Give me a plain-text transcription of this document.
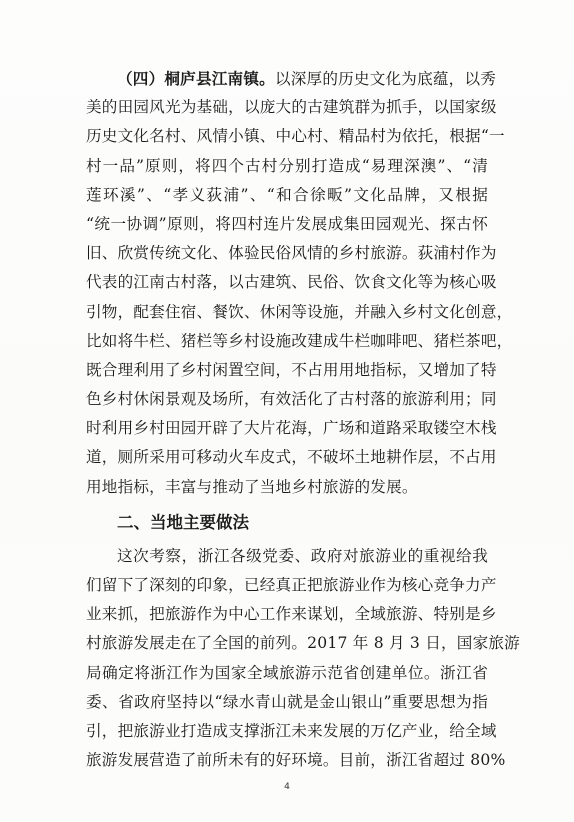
（四）桐庐县江南镇。以深厚的历史文化为底蕴，以秀
美的田园风光为基础，以庞大的古建筑群为抓手，以国家级
历史文化名村、风情小镇、中心村、精品村为依托，根据“一
村一品”原则，将四个古村分别打造成“易理深澳”、“清
莲环溪”、“孝义荻浦”、“和合徐畈”文化品牌，又根据
“统一协调”原则，将四村连片发展成集田园观光、探古怀
旧、欣赏传统文化、体验民俗风情的乡村旅游。荻浦村作为
代表的江南古村落，以古建筑、民俗、饮食文化等为核心吸
引物，配套住宿、餐饮、休闲等设施，并融入乡村文化创意，
比如将牛栏、猪栏等乡村设施改建成牛栏咖啡吧、猪栏茶吧，
既合理利用了乡村闲置空间，不占用用地指标，又增加了特
色乡村休闲景观及场所，有效活化了古村落的旅游利用；同
时利用乡村田园开辟了大片花海，广场和道路采取镂空木栈
道，厕所采用可移动火车皮式，不破坏土地耕作层，不占用
用地指标，丰富与推动了当地乡村旅游的发展。
二、当地主要做法
这次考察，浙江各级党委、政府对旅游业的重视给我
们留下了深刻的印象，已经真正把旅游业作为核心竞争力产
业来抓，把旅游作为中心工作来谋划，全域旅游、特别是乡
村旅游发展走在了全国的前列。2017 年 8 月 3 日，国家旅游
局确定将浙江作为国家全域旅游示范省创建单位。浙江省
委、省政府坚持以“绿水青山就是金山银山”重要思想为指
引，把旅游业打造成支撑浙江未来发展的万亿产业，给全域
旅游发展营造了前所未有的好环境。目前，浙江省超过 80%
4
